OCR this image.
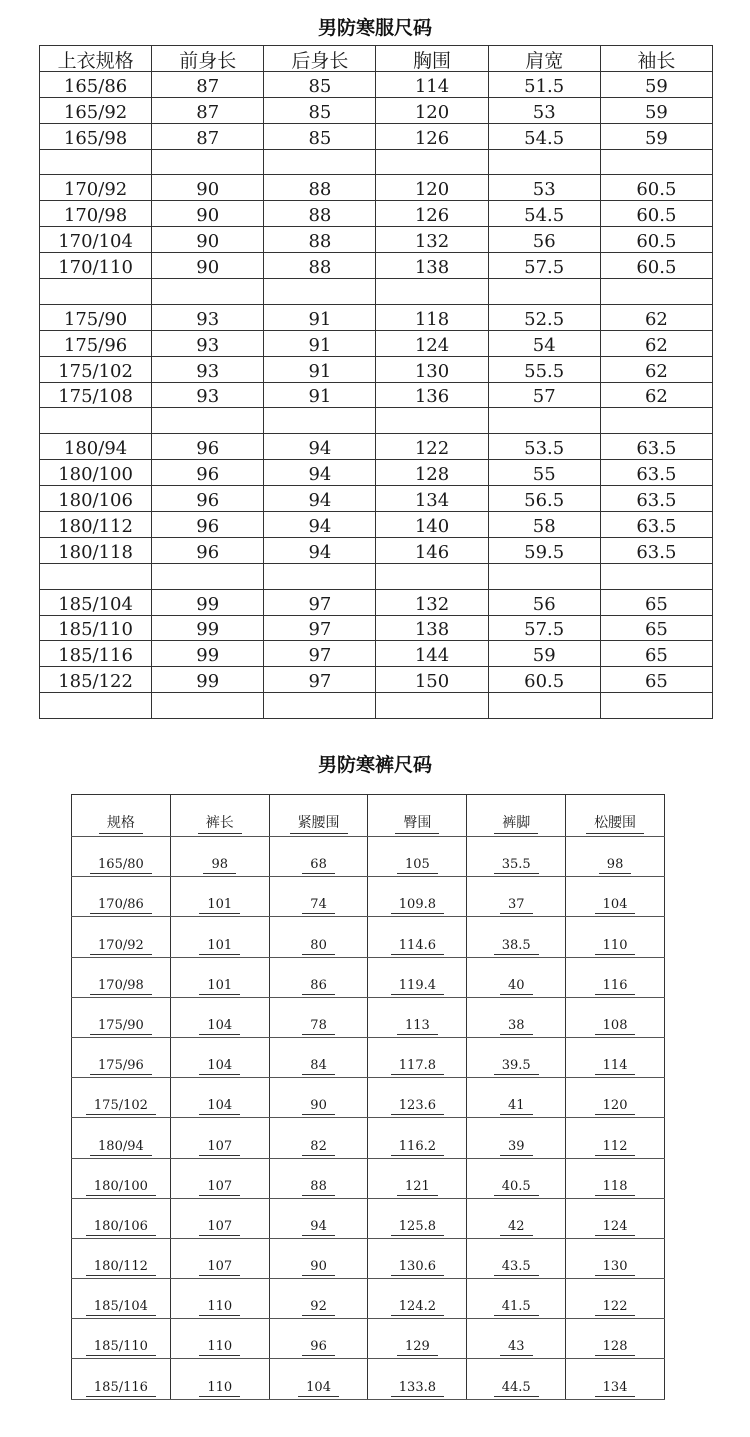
男防寒服尺码
上衣规格	前身长	后身长	胸围	肩宽	袖长
165/86	87	85	114	51.5	59
165/92	87	85	120	53	59
165/98	87	85	126	54.5	59

170/92	90	88	120	53	60.5
170/98	90	88	126	54.5	60.5
170/104	90	88	132	56	60.5
170/110	90	88	138	57.5	60.5

175/90	93	91	118	52.5	62
175/96	93	91	124	54	62
175/102	93	91	130	55.5	62
175/108	93	91	136	57	62

180/94	96	94	122	53.5	63.5
180/100	96	94	128	55	63.5
180/106	96	94	134	56.5	63.5
180/112	96	94	140	58	63.5
180/118	96	94	146	59.5	63.5

185/104	99	97	132	56	65
185/110	99	97	138	57.5	65
185/116	99	97	144	59	65
185/122	99	97	150	60.5	65

男防寒裤尺码
规格	裤长	紧腰围	臀围	裤脚	松腰围
165/80	98	68	105	35.5	98
170/86	101	74	109.8	37	104
170/92	101	80	114.6	38.5	110
170/98	101	86	119.4	40	116
175/90	104	78	113	38	108
175/96	104	84	117.8	39.5	114
175/102	104	90	123.6	41	120
180/94	107	82	116.2	39	112
180/100	107	88	121	40.5	118
180/106	107	94	125.8	42	124
180/112	107	90	130.6	43.5	130
185/104	110	92	124.2	41.5	122
185/110	110	96	129	43	128
185/116	110	104	133.8	44.5	134
